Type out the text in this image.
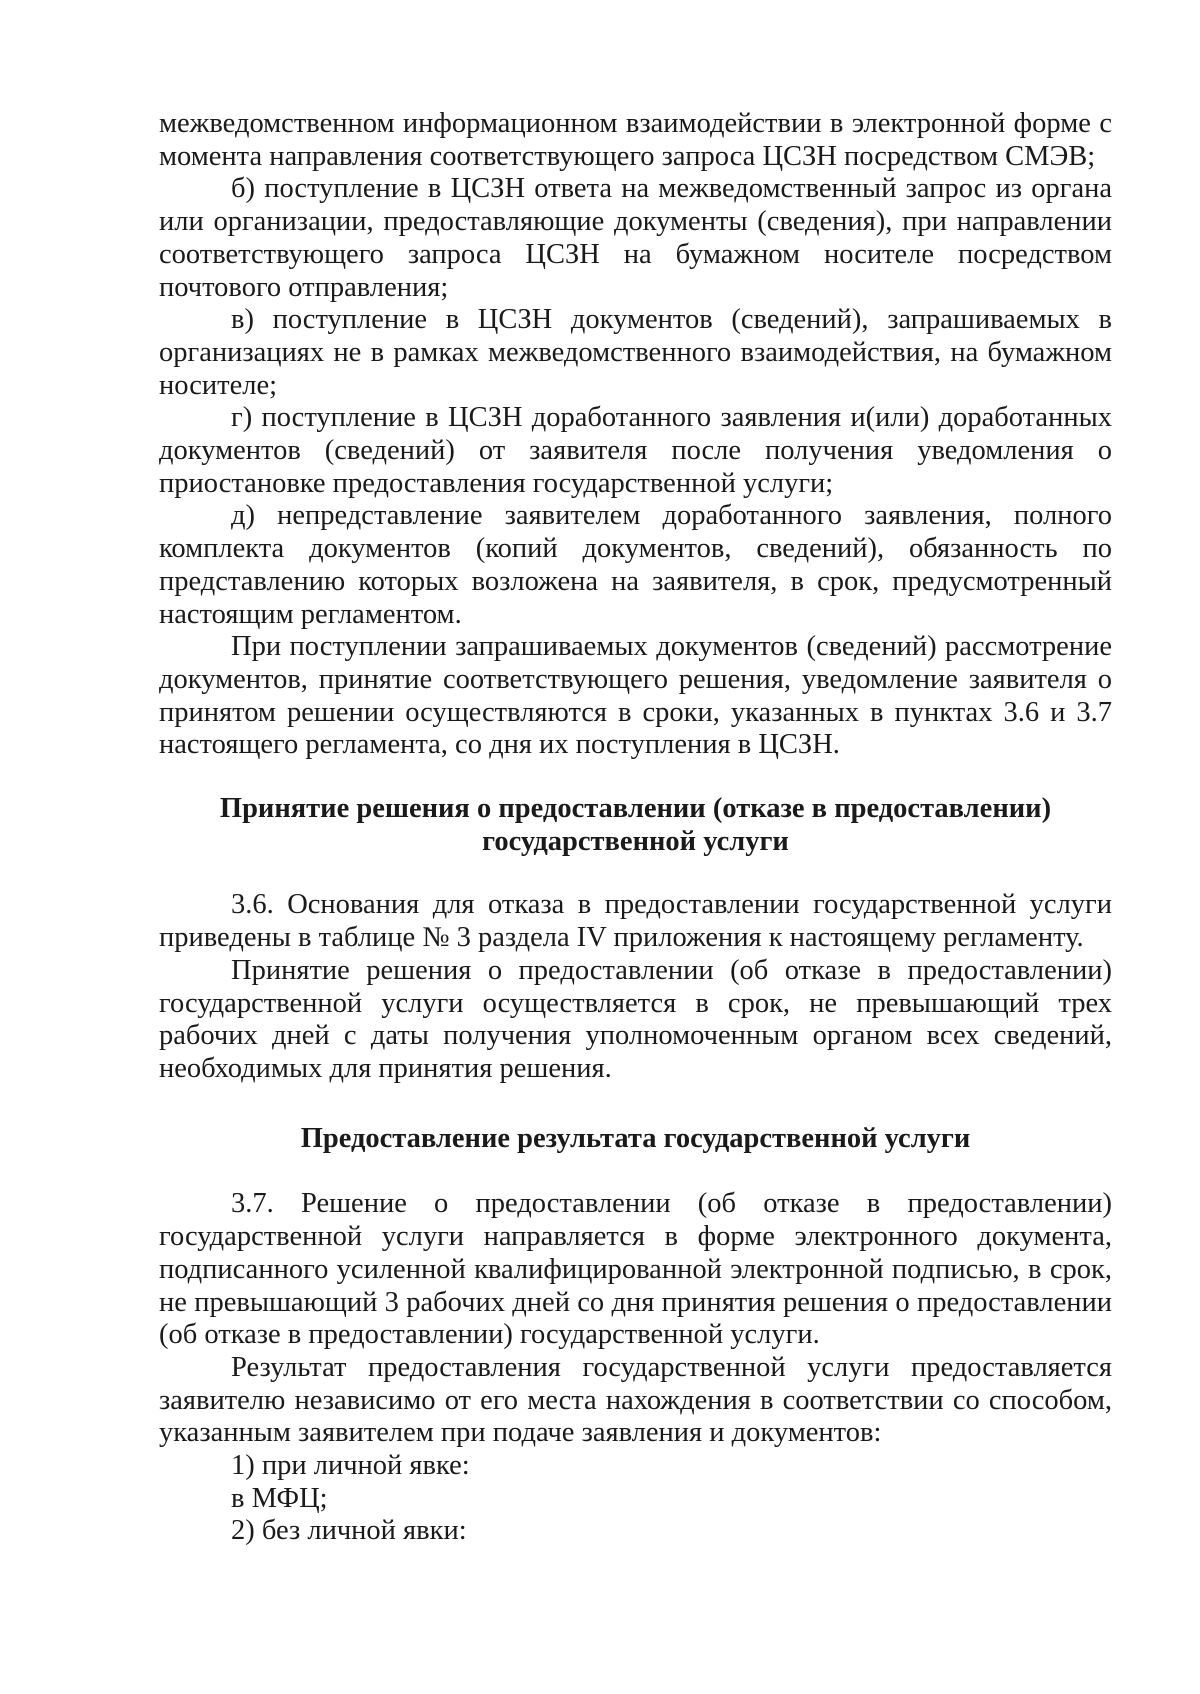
межведомственном информационном взаимодействии в электронной форме с момента направления соответствующего запроса ЦСЗН посредством СМЭВ;

б) поступление в ЦСЗН ответа на межведомственный запрос из органа или организации, предоставляющие документы (сведения), при направлении соответствующего запроса ЦСЗН на бумажном носителе посредством почтового отправления;

в) поступление в ЦСЗН документов (сведений), запрашиваемых в организациях не в рамках межведомственного взаимодействия, на бумажном носителе;

г) поступление в ЦСЗН доработанного заявления и(или) доработанных документов (сведений) от заявителя после получения уведомления о приостановке предоставления государственной услуги;

д) непредставление заявителем доработанного заявления, полного комплекта документов (копий документов, сведений), обязанность по представлению которых возложена на заявителя, в срок, предусмотренный настоящим регламентом.

При поступлении запрашиваемых документов (сведений) рассмотрение документов, принятие соответствующего решения, уведомление заявителя о принятом решении осуществляются в сроки, указанных в пунктах 3.6 и 3.7 настоящего регламента, со дня их поступления в ЦСЗН.

Принятие решения о предоставлении (отказе в предоставлении)

государственной услуги

3.6. Основания для отказа в предоставлении государственной услуги приведены в таблице № 3 раздела IV приложения к настоящему регламенту.

Принятие решения о предоставлении (об отказе в предоставлении) государственной услуги осуществляется в срок, не превышающий трех рабочих дней с даты получения уполномоченным органом всех сведений, необходимых для принятия решения.

Предоставление результата государственной услуги

3.7. Решение о предоставлении (об отказе в предоставлении) государственной услуги направляется в форме электронного документа, подписанного усиленной квалифицированной электронной подписью, в срок, не превышающий 3 рабочих дней со дня принятия решения о предоставлении (об отказе в предоставлении) государственной услуги.

Результат предоставления государственной услуги предоставляется заявителю независимо от его места нахождения в соответствии со способом, указанным заявителем при подаче заявления и документов:

1) при личной явке:

в МФЦ;

2) без личной явки:
